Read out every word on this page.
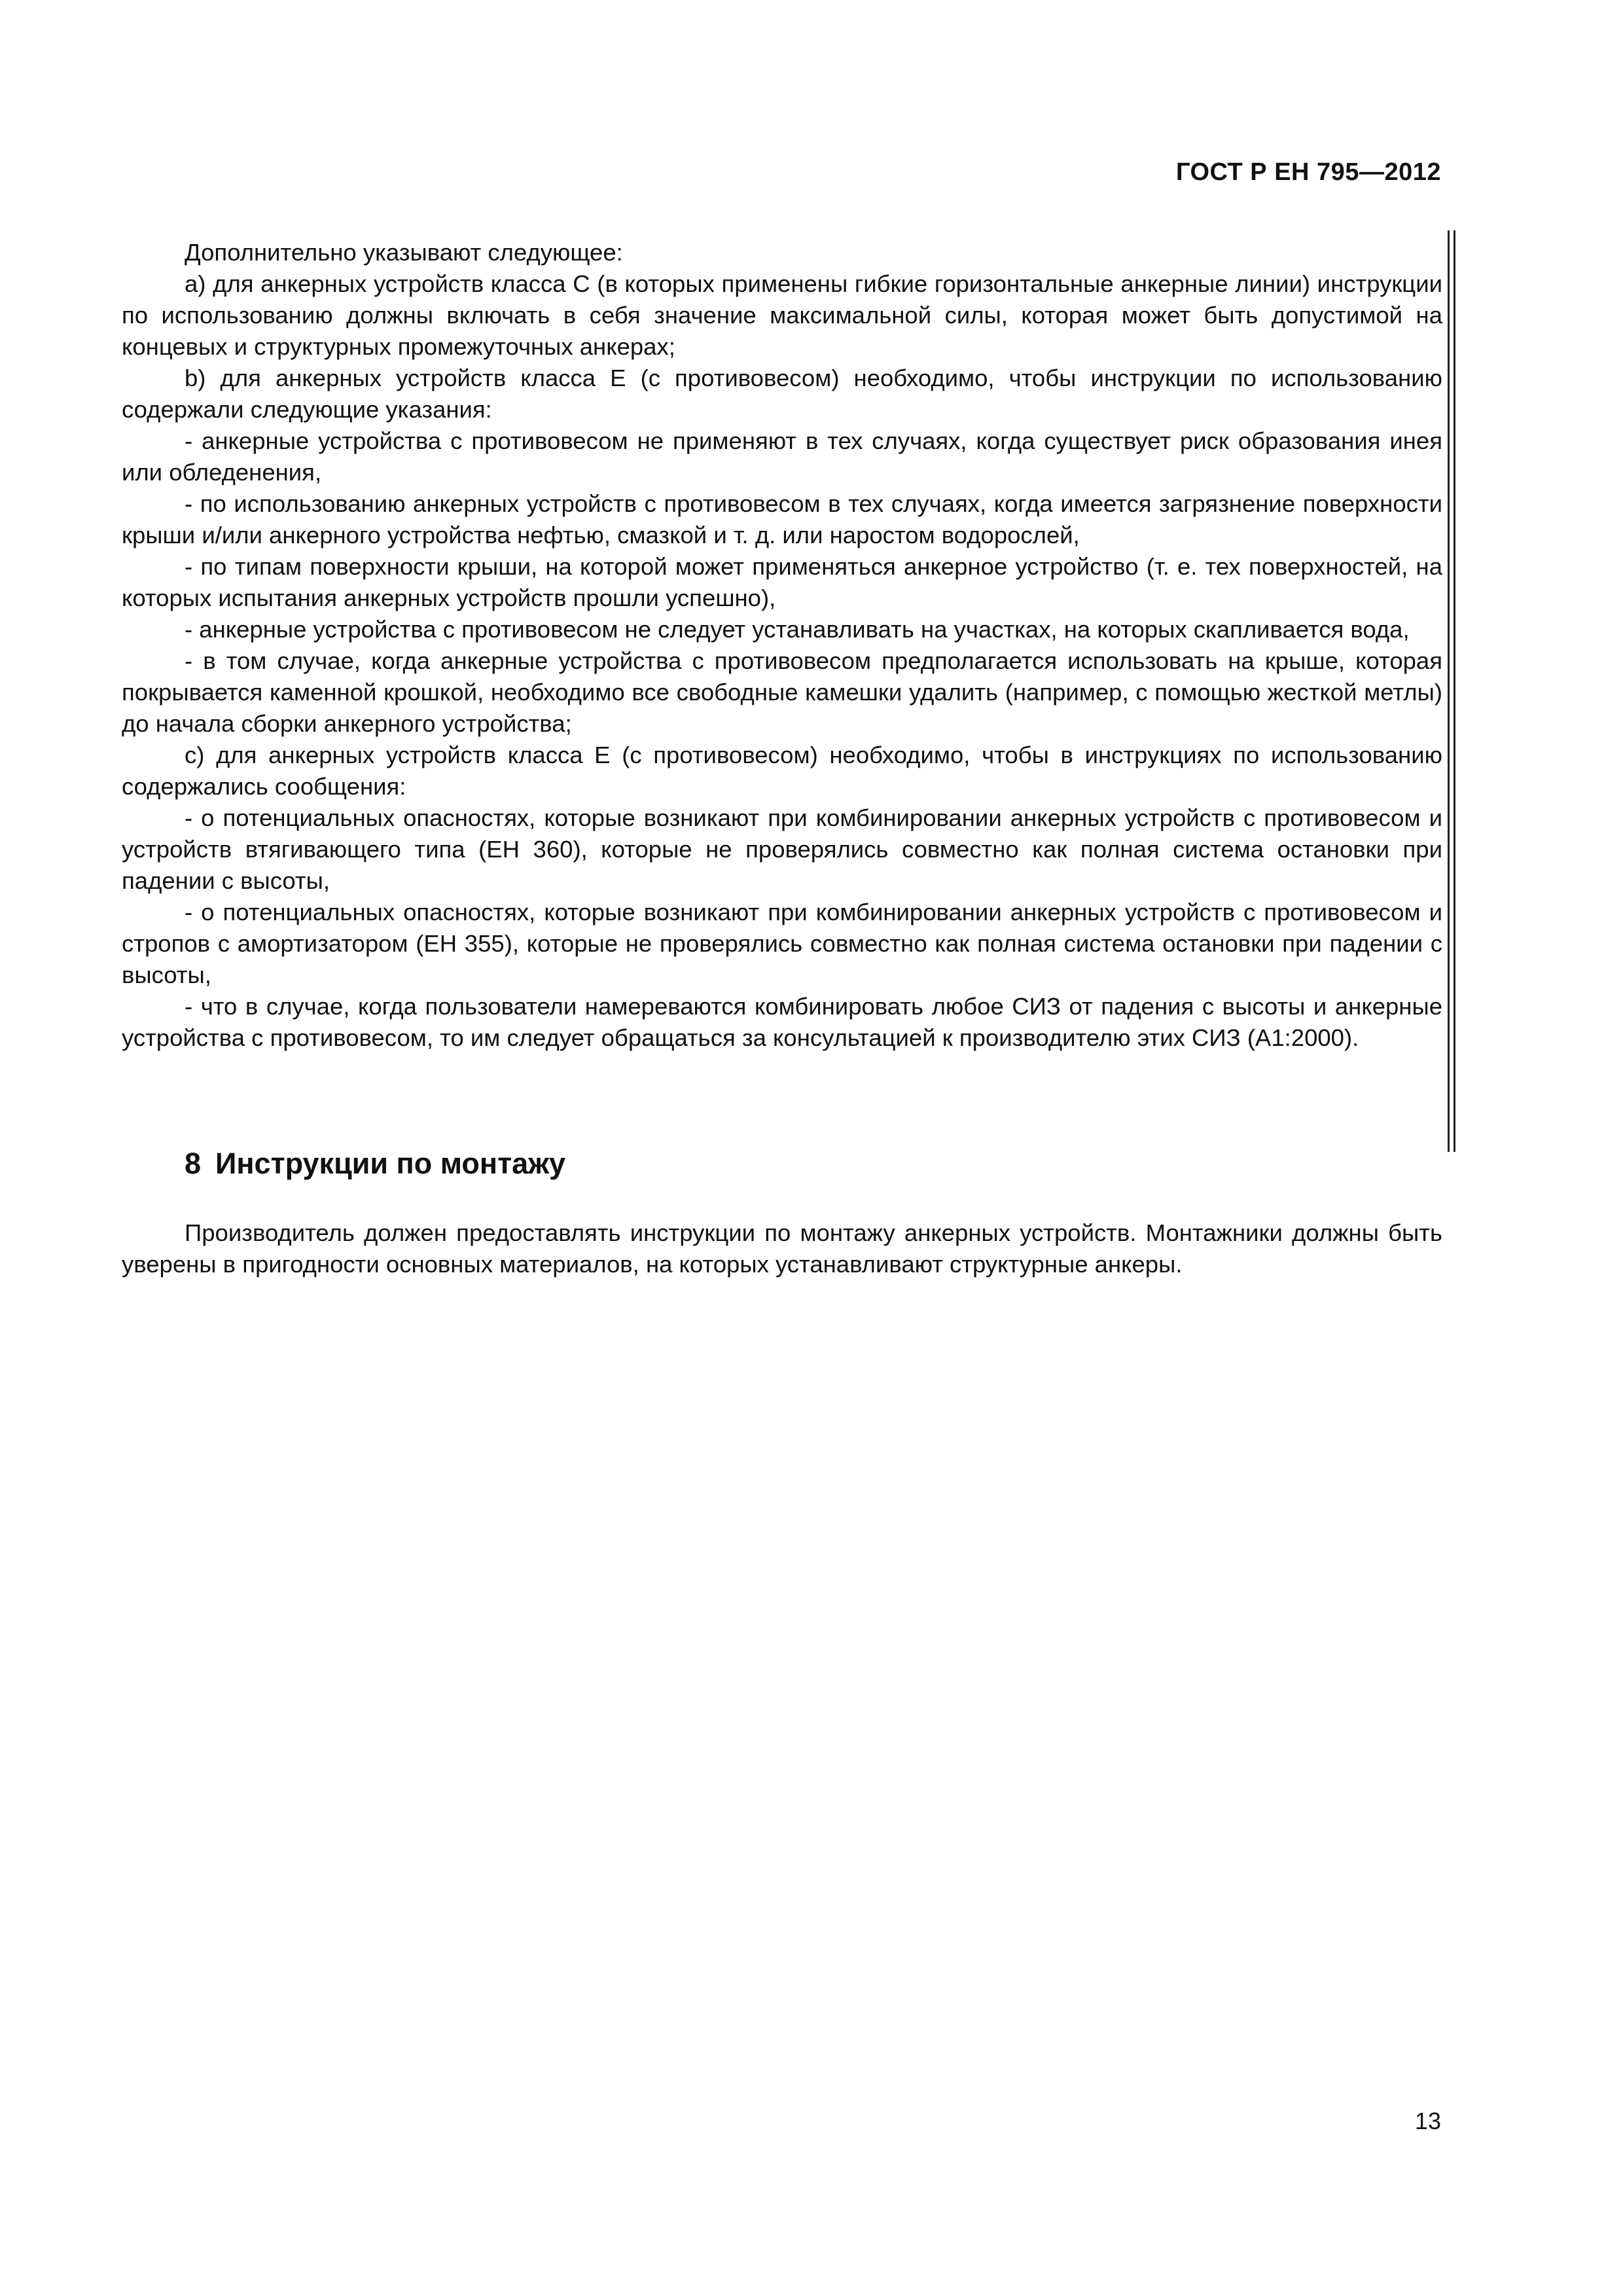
ГОСТ Р ЕН 795—2012

Дополнительно указывают следующее:

a) для анкерных устройств класса C (в которых применены гибкие горизонтальные анкерные линии) инструкции по использованию должны включать в себя значение максимальной силы, которая может быть допустимой на концевых и структурных промежуточных анкерах;

b) для анкерных устройств класса E (с противовесом) необходимо, чтобы инструкции по использованию содержали следующие указания:

- анкерные устройства с противовесом не применяют в тех случаях, когда существует риск образования инея или обледенения,

- по использованию анкерных устройств с противовесом в тех случаях, когда имеется загрязнение поверхности крыши и/или анкерного устройства нефтью, смазкой и т. д. или наростом водорослей,

- по типам поверхности крыши, на которой может применяться анкерное устройство (т. е. тех поверхностей, на которых испытания анкерных устройств прошли успешно),

- анкерные устройства с противовесом не следует устанавливать на участках, на которых скапливается вода,

- в том случае, когда анкерные устройства с противовесом предполагается использовать на крыше, которая покрывается каменной крошкой, необходимо все свободные камешки удалить (например, с помощью жесткой метлы) до начала сборки анкерного устройства;

c) для анкерных устройств класса E (с противовесом) необходимо, чтобы в инструкциях по использованию содержались сообщения:

- о потенциальных опасностях, которые возникают при комбинировании анкерных устройств с противовесом и устройств втягивающего типа (ЕН 360), которые не проверялись совместно как полная система остановки при падении с высоты,

- о потенциальных опасностях, которые возникают при комбинировании анкерных устройств с противовесом и стропов с амортизатором (ЕН 355), которые не проверялись совместно как полная система остановки при падении с высоты,

- что в случае, когда пользователи намереваются комбинировать любое СИЗ от падения с высоты и анкерные устройства с противовесом, то им следует обращаться за консультацией к производителю этих СИЗ (A1:2000).

8 Инструкции по монтажу

Производитель должен предоставлять инструкции по монтажу анкерных устройств. Монтажники должны быть уверены в пригодности основных материалов, на которых устанавливают структурные анкеры.

13
